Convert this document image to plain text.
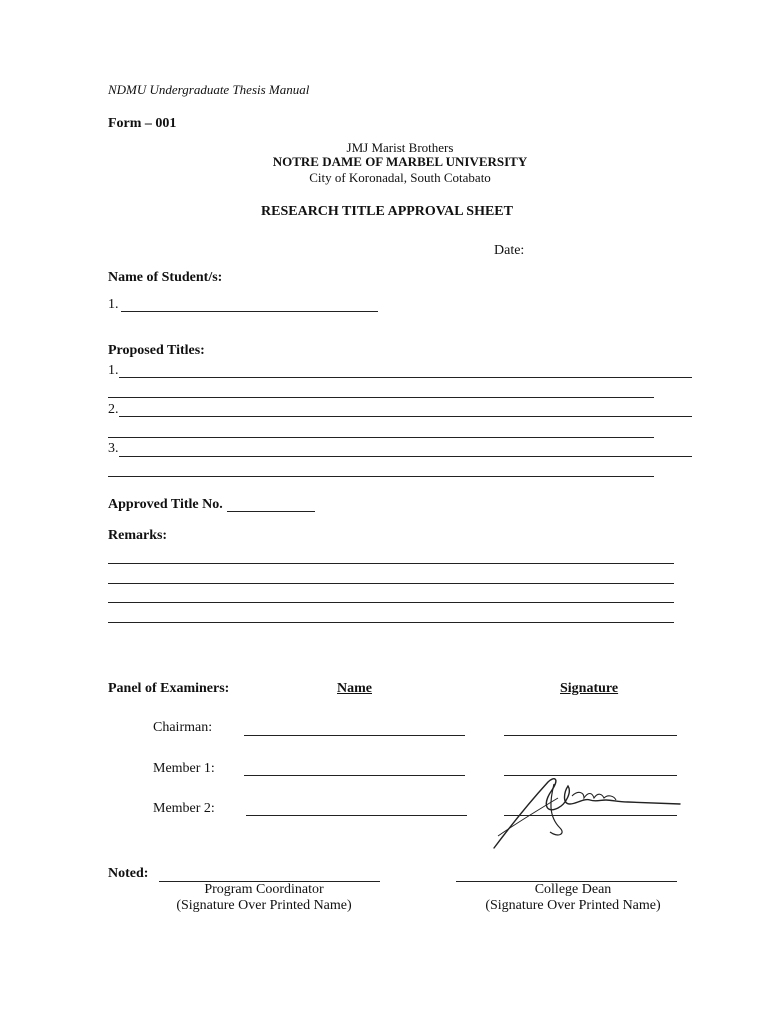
NDMU Undergraduate Thesis Manual
Form – 001
JMJ Marist Brothers
NOTRE DAME OF MARBEL UNIVERSITY
City of Koronadal, South Cotabato
RESEARCH TITLE APPROVAL SHEET
Date:
Name of Student/s:
1.
Proposed Titles:
1.
2.
3.
Approved Title No.
Remarks:
Panel of Examiners:	Name	Signature
Chairman:
Member 1:
Member 2:
Noted:
Program Coordinator
(Signature Over Printed Name)
College Dean
(Signature Over Printed Name)
